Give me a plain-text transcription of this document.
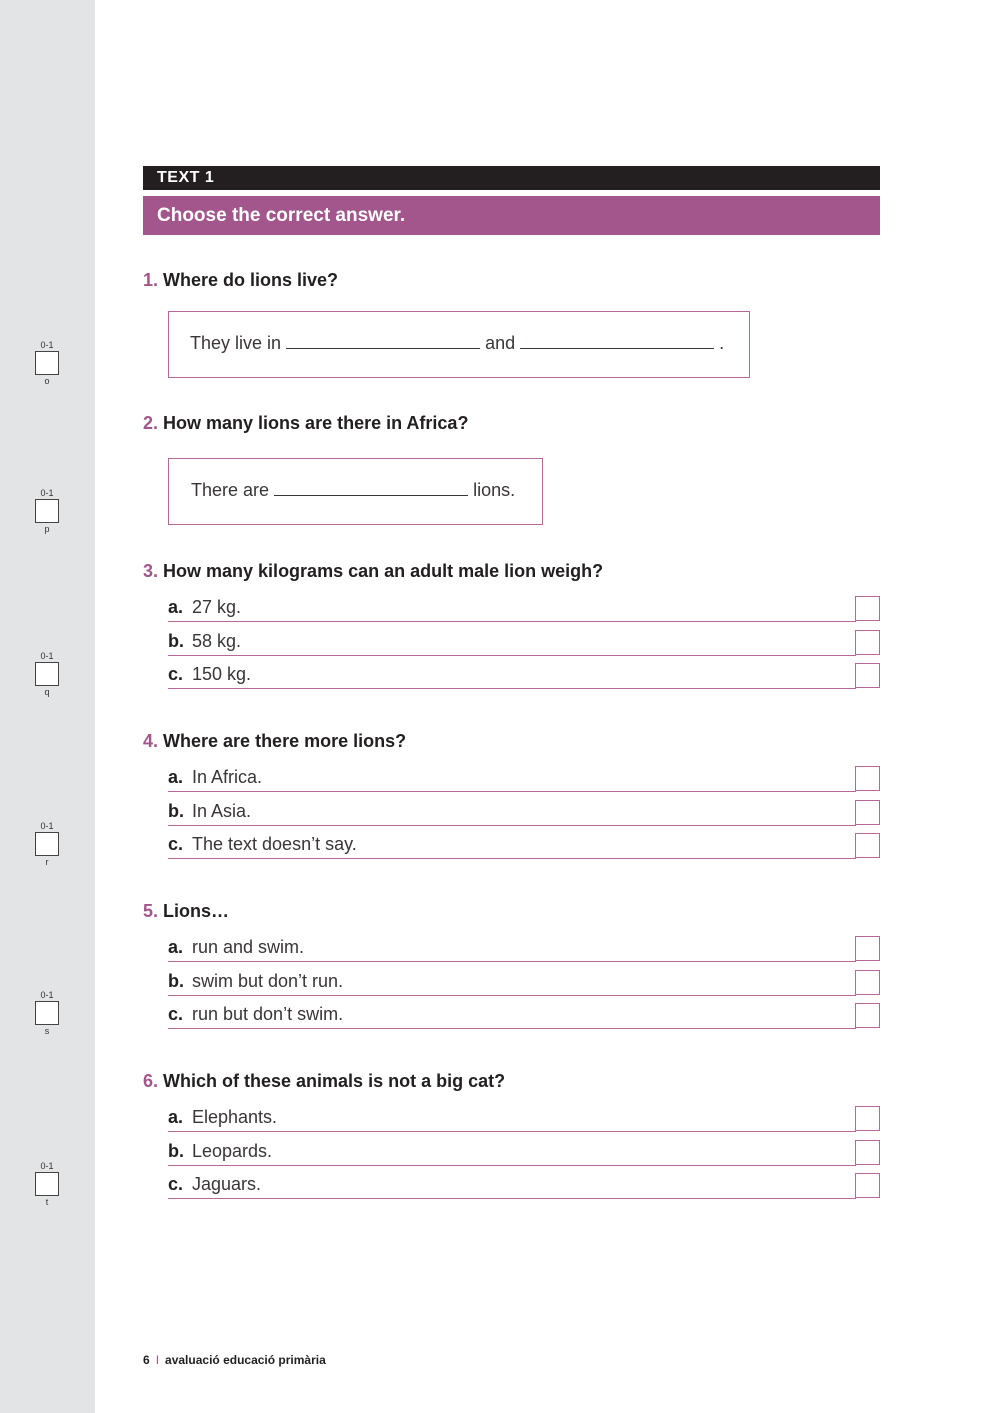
0-1
o
0-1
p
0-1
q
0-1
r
0-1
s
0-1
t
TEXT 1
Choose the correct answer.
1. Where do lions live?
They live in	and	.
2. How many lions are there in Africa?
There are	lions.
3. How many kilograms can an adult male lion weigh?
a. 27 kg.
b. 58 kg.
c. 150 kg.
4. Where are there more lions?
a. In Africa.
b. In Asia.
c. The text doesn’t say.
5. Lions…
a. run and swim.
b. swim but don’t run.
c. run but don’t swim.
6. Which of these animals is not a big cat?
a. Elephants.
b. Leopards.
c. Jaguars.
6 I avaluació educació primària
